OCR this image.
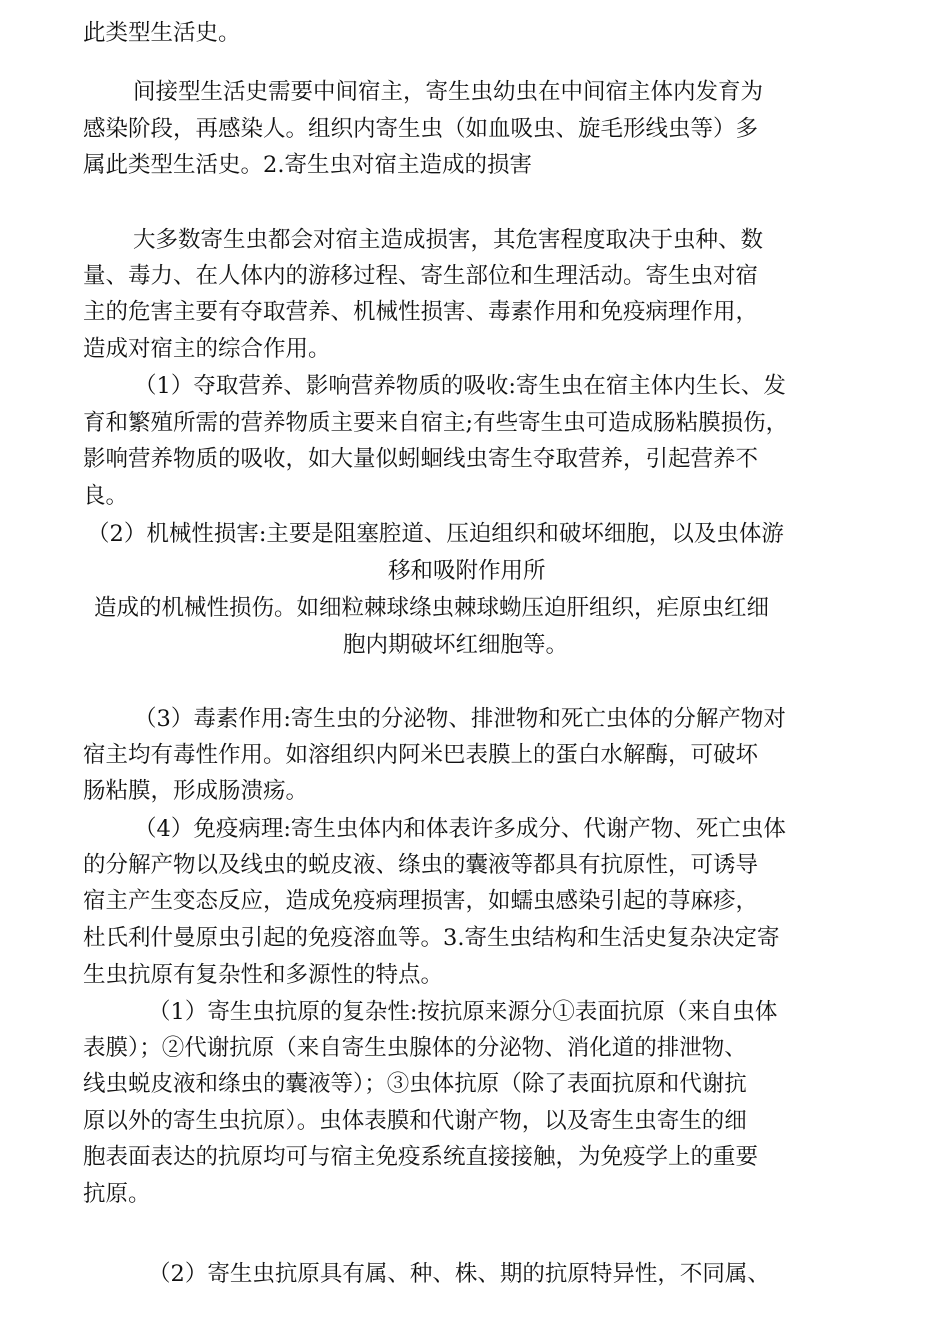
此类型生活史。
间接型生活史需要中间宿主，寄生虫幼虫在中间宿主体内发育为
感染阶段，再感染人。组织内寄生虫（如血吸虫、旋毛形线虫等）多
属此类型生活史。2.寄生虫对宿主造成的损害
大多数寄生虫都会对宿主造成损害，其危害程度取决于虫种、数
量、毒力、在人体内的游移过程、寄生部位和生理活动。寄生虫对宿
主的危害主要有夺取营养、机械性损害、毒素作用和免疫病理作用，
造成对宿主的综合作用。
（1）夺取营养、影响营养物质的吸收:寄生虫在宿主体内生长、发
育和繁殖所需的营养物质主要来自宿主;有些寄生虫可造成肠粘膜损伤，
影响营养物质的吸收，如大量似蚓蛔线虫寄生夺取营养，引起营养不
良。
（2）机械性损害:主要是阻塞腔道、压迫组织和破坏细胞，以及虫体游
移和吸附作用所
造成的机械性损伤。如细粒棘球绦虫棘球蚴压迫肝组织，疟原虫红细
胞内期破坏红细胞等。
（3）毒素作用:寄生虫的分泌物、排泄物和死亡虫体的分解产物对
宿主均有毒性作用。如溶组织内阿米巴表膜上的蛋白水解酶，可破坏
肠粘膜，形成肠溃疡。
（4）免疫病理:寄生虫体内和体表许多成分、代谢产物、死亡虫体
的分解产物以及线虫的蜕皮液、绦虫的囊液等都具有抗原性，可诱导
宿主产生变态反应，造成免疫病理损害，如蠕虫感染引起的荨麻疹，
杜氏利什曼原虫引起的免疫溶血等。3.寄生虫结构和生活史复杂决定寄
生虫抗原有复杂性和多源性的特点。
（1）寄生虫抗原的复杂性:按抗原来源分①表面抗原（来自虫体
表膜）；②代谢抗原（来自寄生虫腺体的分泌物、消化道的排泄物、
线虫蜕皮液和绦虫的囊液等）；③虫体抗原（除了表面抗原和代谢抗
原以外的寄生虫抗原）。虫体表膜和代谢产物，以及寄生虫寄生的细
胞表面表达的抗原均可与宿主免疫系统直接接触，为免疫学上的重要
抗原。
（2）寄生虫抗原具有属、种、株、期的抗原特异性，不同属、
